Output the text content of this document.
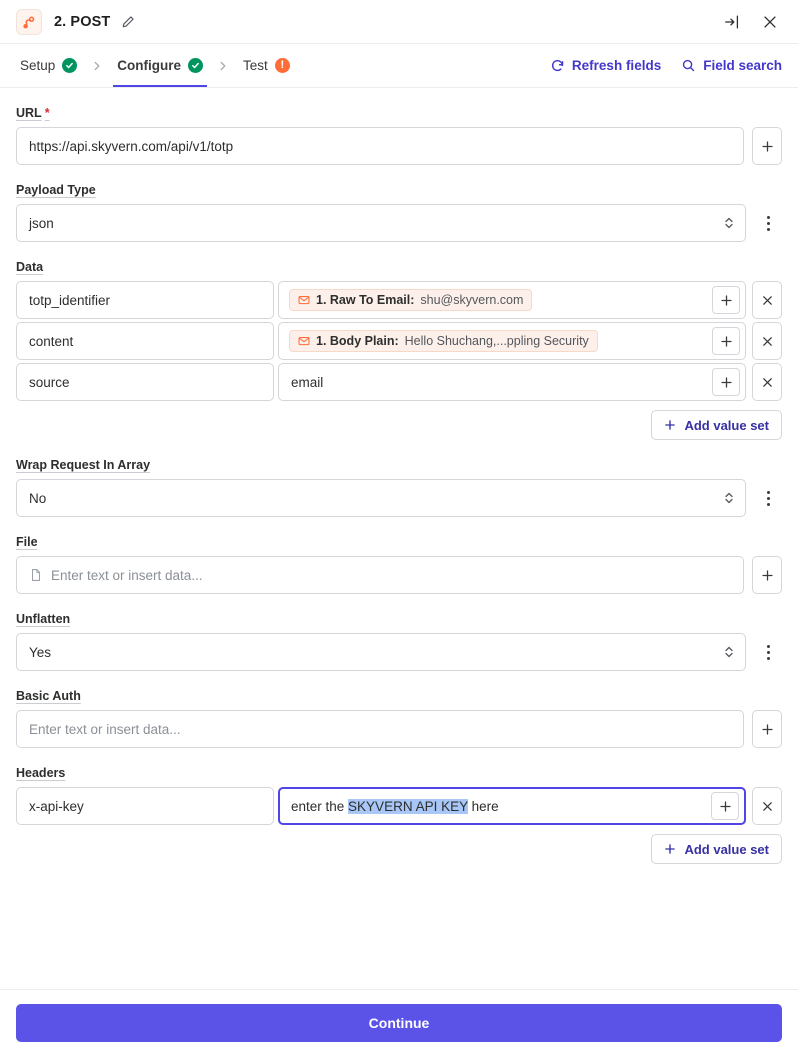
2. POST
Setup	Configure	Test !	Refresh fields	Field search
URL *
https://api.skyvern.com/api/v1/totp
Payload Type
json
Data
totp_identifier	1. Raw To Email: shu@skyvern.com
content	1. Body Plain: Hello Shuchang,...ppling Security
source	email
Add value set
Wrap Request In Array
No
File
Enter text or insert data...
Unflatten
Yes
Basic Auth
Enter text or insert data...
Headers
x-api-key	enter the SKYVERN API KEY here
Add value set
Continue
